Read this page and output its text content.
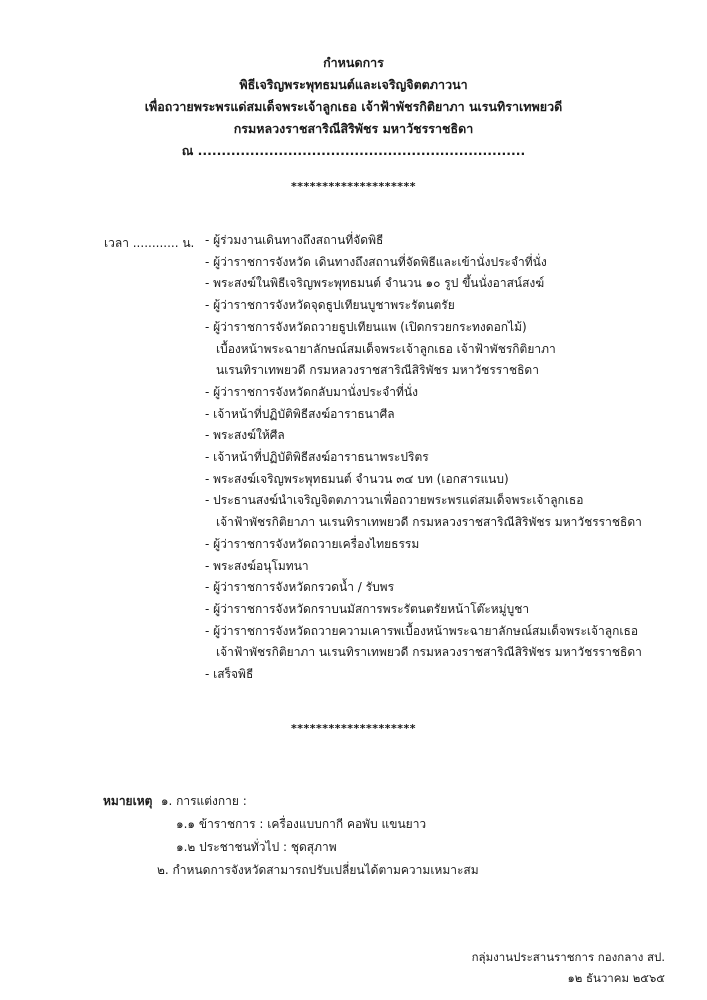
กำหนดการ
พิธีเจริญพระพุทธมนต์และเจริญจิตตภาวนา
เพื่อถวายพระพรแด่สมเด็จพระเจ้าลูกเธอ เจ้าฟ้าพัชรกิติยาภา นเรนทิราเทพยวดี
กรมหลวงราชสาริณีสิริพัชร มหาวัชรราชธิดา
ณ .....................................................................
********************
เวลา ............ น. - ผู้ร่วมงานเดินทางถึงสถานที่จัดพิธี
- ผู้ว่าราชการจังหวัด เดินทางถึงสถานที่จัดพิธีและเข้านั่งประจำที่นั่ง
- พระสงฆ์ในพิธีเจริญพระพุทธมนต์ จำนวน ๑๐ รูป ขึ้นนั่งอาสน์สงฆ์
- ผู้ว่าราชการจังหวัดจุดธูปเทียนบูชาพระรัตนตรัย
- ผู้ว่าราชการจังหวัดถวายธูปเทียนแพ (เปิดกรวยกระทงดอกไม้)
เบื้องหน้าพระฉายาลักษณ์สมเด็จพระเจ้าลูกเธอ เจ้าฟ้าพัชรกิติยาภา
นเรนทิราเทพยวดี กรมหลวงราชสาริณีสิริพัชร มหาวัชรราชธิดา
- ผู้ว่าราชการจังหวัดกลับมานั่งประจำที่นั่ง
- เจ้าหน้าที่ปฏิบัติพิธีสงฆ์อาราธนาศีล
- พระสงฆ์ให้ศีล
- เจ้าหน้าที่ปฏิบัติพิธีสงฆ์อาราธนาพระปริตร
- พระสงฆ์เจริญพระพุทธมนต์ จำนวน ๓๔ บท (เอกสารแนบ)
- ประธานสงฆ์นำเจริญจิตตภาวนาเพื่อถวายพระพรแด่สมเด็จพระเจ้าลูกเธอ
เจ้าฟ้าพัชรกิติยาภา นเรนทิราเทพยวดี กรมหลวงราชสาริณีสิริพัชร มหาวัชรราชธิดา
- ผู้ว่าราชการจังหวัดถวายเครื่องไทยธรรม
- พระสงฆ์อนุโมทนา
- ผู้ว่าราชการจังหวัดกรวดน้ำ / รับพร
- ผู้ว่าราชการจังหวัดกราบนมัสการพระรัตนตรัยหน้าโต๊ะหมู่บูชา
- ผู้ว่าราชการจังหวัดถวายความเคารพเบื้องหน้าพระฉายาลักษณ์สมเด็จพระเจ้าลูกเธอ
เจ้าฟ้าพัชรกิติยาภา นเรนทิราเทพยวดี กรมหลวงราชสาริณีสิริพัชร มหาวัชรราชธิดา
- เสร็จพิธี
********************
หมายเหตุ ๑. การแต่งกาย :
๑.๑ ข้าราชการ : เครื่องแบบกากี คอพับ แขนยาว
๑.๒ ประชาชนทั่วไป : ชุดสุภาพ
๒. กำหนดการจังหวัดสามารถปรับเปลี่ยนได้ตามความเหมาะสม
กลุ่มงานประสานราชการ กองกลาง สป.
๑๒ ธันวาคม ๒๕๖๕
